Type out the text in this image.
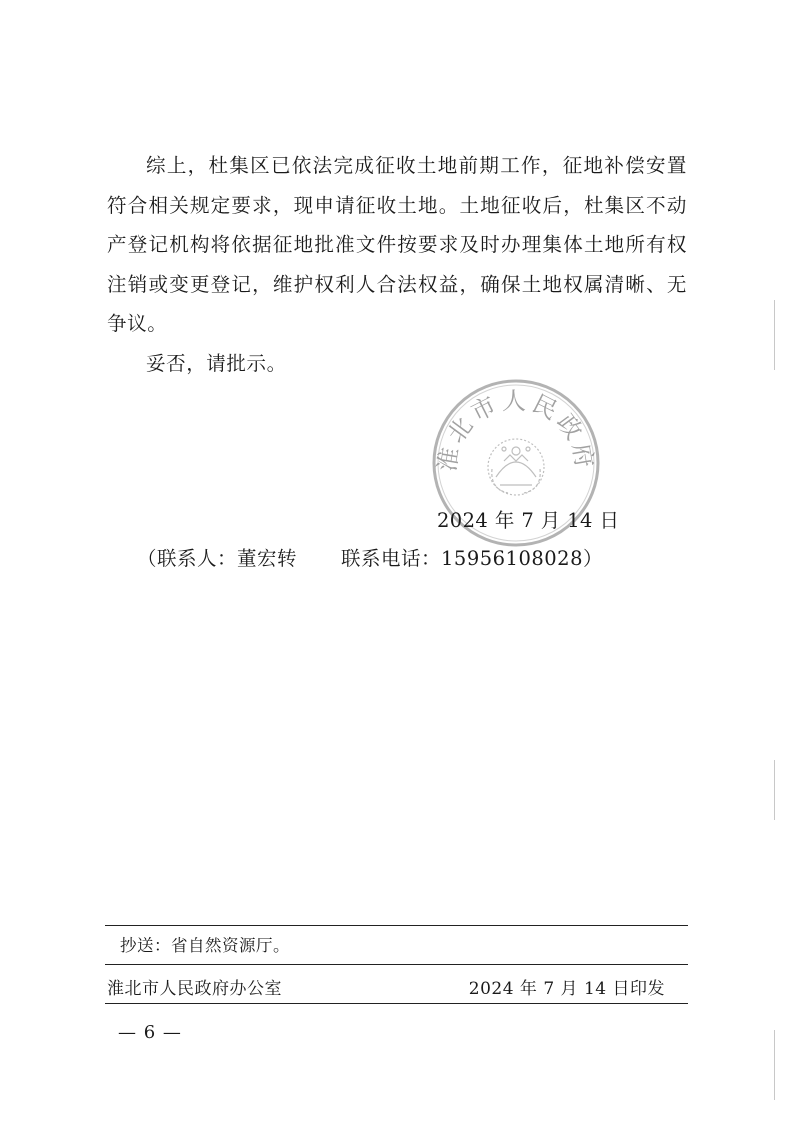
综上，杜集区已依法完成征收土地前期工作，征地补偿安置符合相关规定要求，现申请征收土地。土地征收后，杜集区不动产登记机构将依据征地批准文件按要求及时办理集体土地所有权注销或变更登记，维护权利人合法权益，确保土地权属清晰、无争议。

妥否，请批示。

淮北市人民政府
2024 年 7 月 14 日
（联系人：董宏转 联系电话：15956108028）
抄送：省自然资源厅。
淮北市人民政府办公室	2024 年 7 月 14 日印发
— 6 —
